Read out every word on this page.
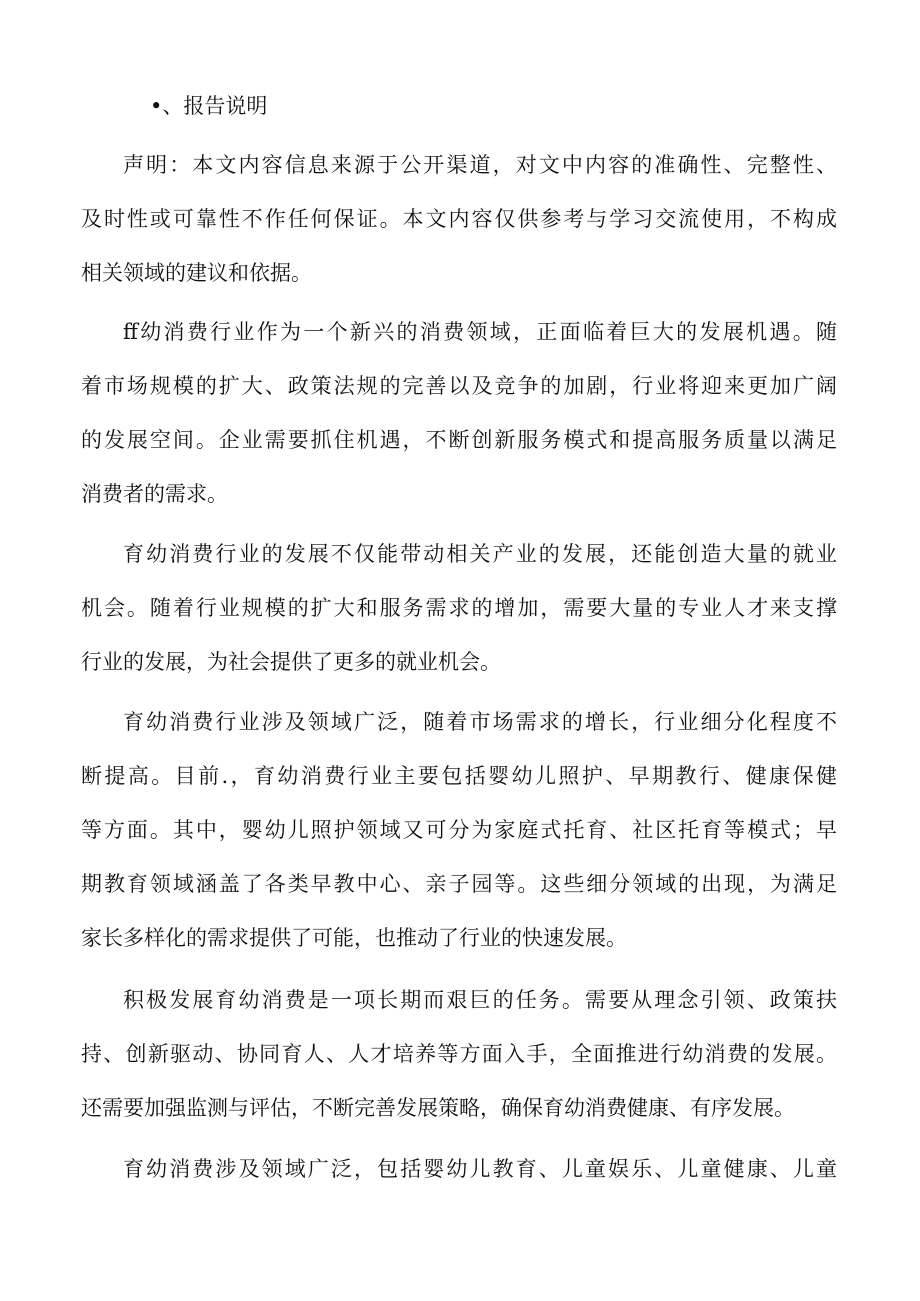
•、报告说明
声明：本文内容信息来源于公开渠道，对文中内容的准确性、完整性、
及时性或可靠性不作任何保证。本文内容仅供参考与学习交流使用，不构成
相关领域的建议和依据。
ff幼消费行业作为一个新兴的消费领域，正面临着巨大的发展机遇。随
着市场规模的扩大、政策法规的完善以及竞争的加剧，行业将迎来更加广阔
的发展空间。企业需要抓住机遇，不断创新服务模式和提高服务质量以满足
消费者的需求。
育幼消费行业的发展不仅能带动相关产业的发展，还能创造大量的就业
机会。随着行业规模的扩大和服务需求的增加，需要大量的专业人才来支撑
行业的发展，为社会提供了更多的就业机会。
育幼消费行业涉及领域广泛，随着市场需求的增长，行业细分化程度不
断提高。目前.，育幼消费行业主要包括婴幼儿照护、早期教行、健康保健
等方面。其中，婴幼儿照护领域又可分为家庭式托育、社区托育等模式；早
期教育领域涵盖了各类早教中心、亲子园等。这些细分领域的出现，为满足
家长多样化的需求提供了可能，也推动了行业的快速发展。
积极发展育幼消费是一项长期而艰巨的任务。需要从理念引领、政策扶
持、创新驱动、协同育人、人才培养等方面入手，全面推进行幼消费的发展。
还需要加强监测与评估，不断完善发展策略，确保育幼消费健康、有序发展。
育幼消费涉及领域广泛，包括婴幼儿教育、儿童娱乐、儿童健康、儿童
